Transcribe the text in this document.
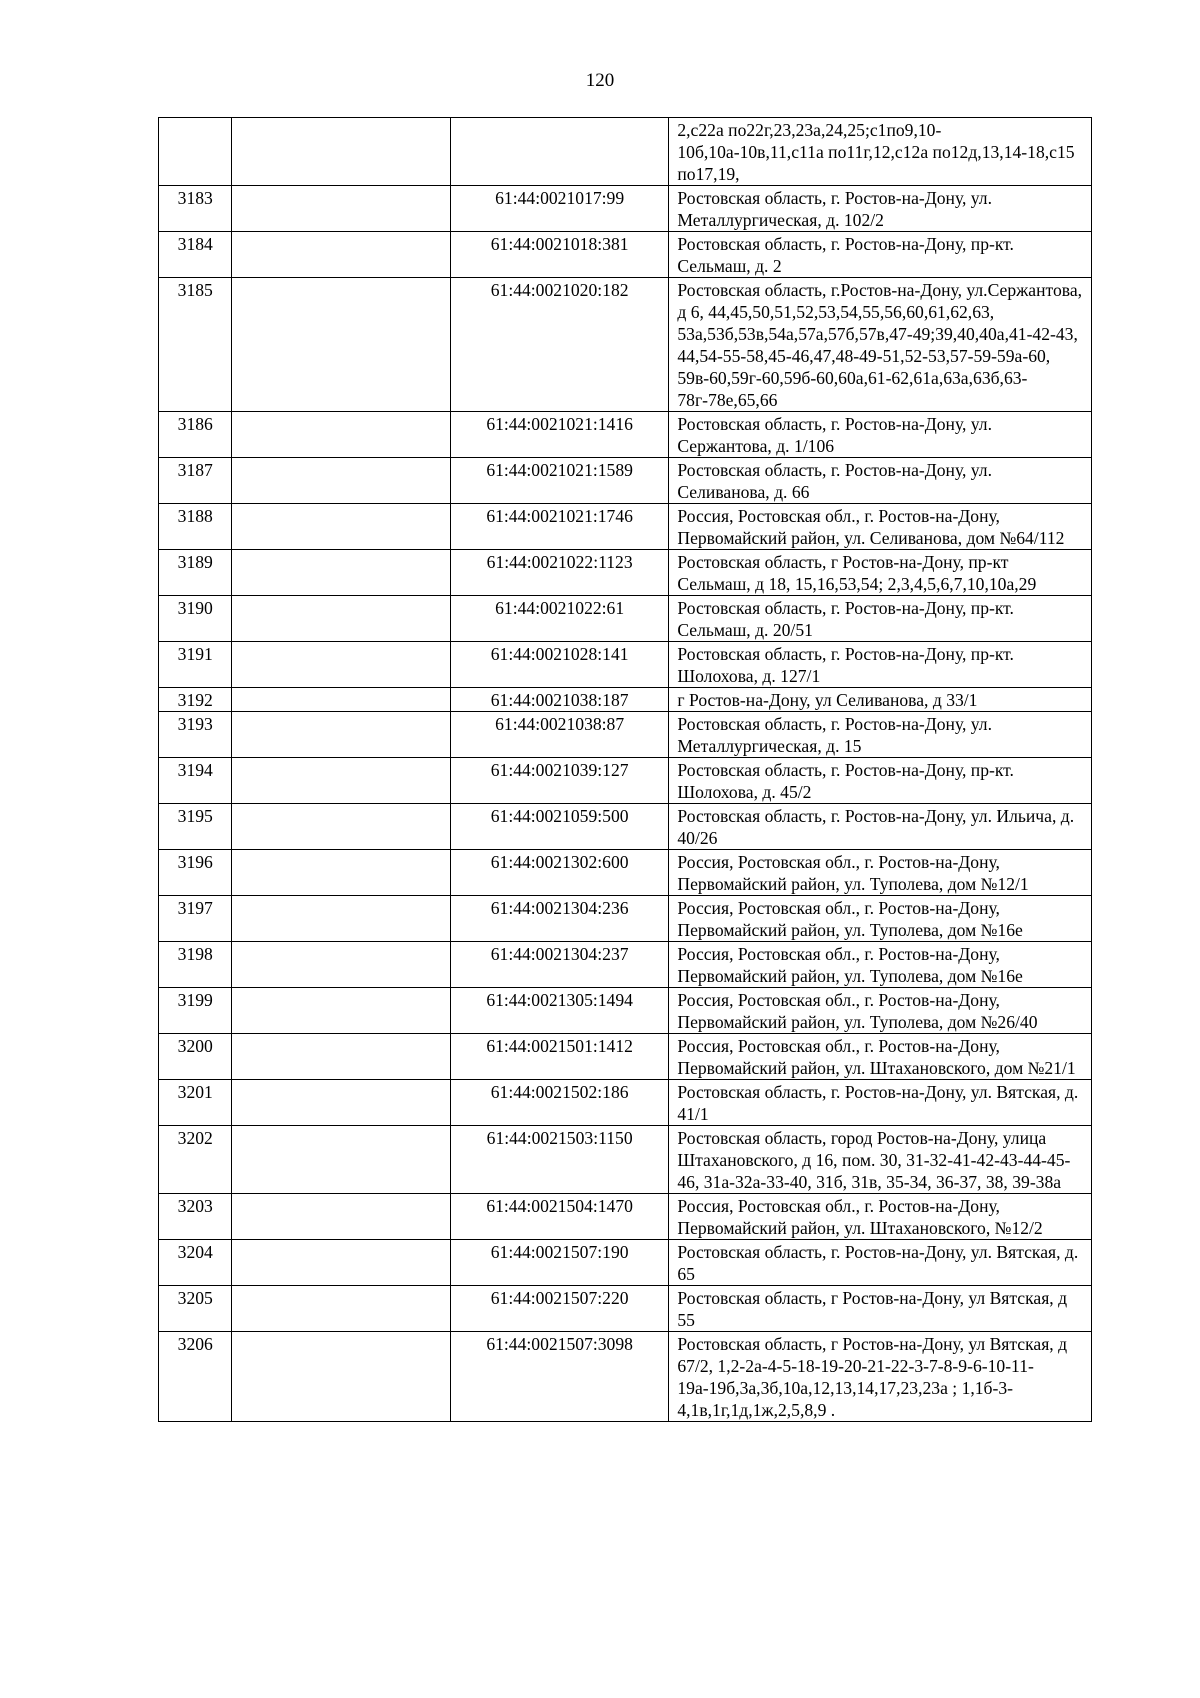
120
			2,с22а по22г,23,23а,24,25;с1по9,10-10б,10а-10в,11,с11а по11г,12,с12а по12д,13,14-18,с15 по17,19,
3183		61:44:0021017:99	Ростовская область, г. Ростов-на-Дону, ул. Металлургическая, д. 102/2
3184		61:44:0021018:381	Ростовская область, г. Ростов-на-Дону, пр-кт. Сельмаш, д. 2
3185		61:44:0021020:182	Ростовская область, г.Ростов-на-Дону, ул.Сержантова, д 6, 44,45,50,51,52,53,54,55,56,60,61,62,63, 53а,53б,53в,54а,57а,57б,57в,47-49;39,40,40а,41-42-43, 44,54-55-58,45-46,47,48-49-51,52-53,57-59-59а-60, 59в-60,59г-60,59б-60,60а,61-62,61а,63а,63б,63-78г-78е,65,66
3186		61:44:0021021:1416	Ростовская область, г. Ростов-на-Дону, ул. Сержантова, д. 1/106
3187		61:44:0021021:1589	Ростовская область, г. Ростов-на-Дону, ул. Селиванова, д. 66
3188		61:44:0021021:1746	Россия, Ростовская обл., г. Ростов-на-Дону, Первомайский район, ул. Селиванова, дом №64/112
3189		61:44:0021022:1123	Ростовская область, г Ростов-на-Дону, пр-кт Сельмаш, д 18, 15,16,53,54; 2,3,4,5,6,7,10,10а,29
3190		61:44:0021022:61	Ростовская область, г. Ростов-на-Дону, пр-кт. Сельмаш, д. 20/51
3191		61:44:0021028:141	Ростовская область, г. Ростов-на-Дону, пр-кт. Шолохова, д. 127/1
3192		61:44:0021038:187	г Ростов-на-Дону, ул Селиванова, д 33/1
3193		61:44:0021038:87	Ростовская область, г. Ростов-на-Дону, ул. Металлургическая, д. 15
3194		61:44:0021039:127	Ростовская область, г. Ростов-на-Дону, пр-кт. Шолохова, д. 45/2
3195		61:44:0021059:500	Ростовская область, г. Ростов-на-Дону, ул. Ильича, д. 40/26
3196		61:44:0021302:600	Россия, Ростовская обл., г. Ростов-на-Дону, Первомайский район, ул. Туполева, дом №12/1
3197		61:44:0021304:236	Россия, Ростовская обл., г. Ростов-на-Дону, Первомайский район, ул. Туполева, дом №16е
3198		61:44:0021304:237	Россия, Ростовская обл., г. Ростов-на-Дону, Первомайский район, ул. Туполева, дом №16е
3199		61:44:0021305:1494	Россия, Ростовская обл., г. Ростов-на-Дону, Первомайский район, ул. Туполева, дом №26/40
3200		61:44:0021501:1412	Россия, Ростовская обл., г. Ростов-на-Дону, Первомайский район, ул. Штахановского, дом №21/1
3201		61:44:0021502:186	Ростовская область, г. Ростов-на-Дону, ул. Вятская, д. 41/1
3202		61:44:0021503:1150	Ростовская область, город Ростов-на-Дону, улица Штахановского, д 16, пом. 30, 31-32-41-42-43-44-45-46, 31а-32а-33-40, 31б, 31в, 35-34, 36-37, 38, 39-38а
3203		61:44:0021504:1470	Россия, Ростовская обл., г. Ростов-на-Дону, Первомайский район, ул. Штахановского, №12/2
3204		61:44:0021507:190	Ростовская область, г. Ростов-на-Дону, ул. Вятская, д. 65
3205		61:44:0021507:220	Ростовская область, г Ростов-на-Дону, ул Вятская, д 55
3206		61:44:0021507:3098	Ростовская область, г Ростов-на-Дону, ул Вятская, д 67/2, 1,2-2а-4-5-18-19-20-21-22-3-7-8-9-6-10-11-19а-19б,3а,3б,10а,12,13,14,17,23,23а ; 1,1б-3-4,1в,1г,1д,1ж,2,5,8,9 .
